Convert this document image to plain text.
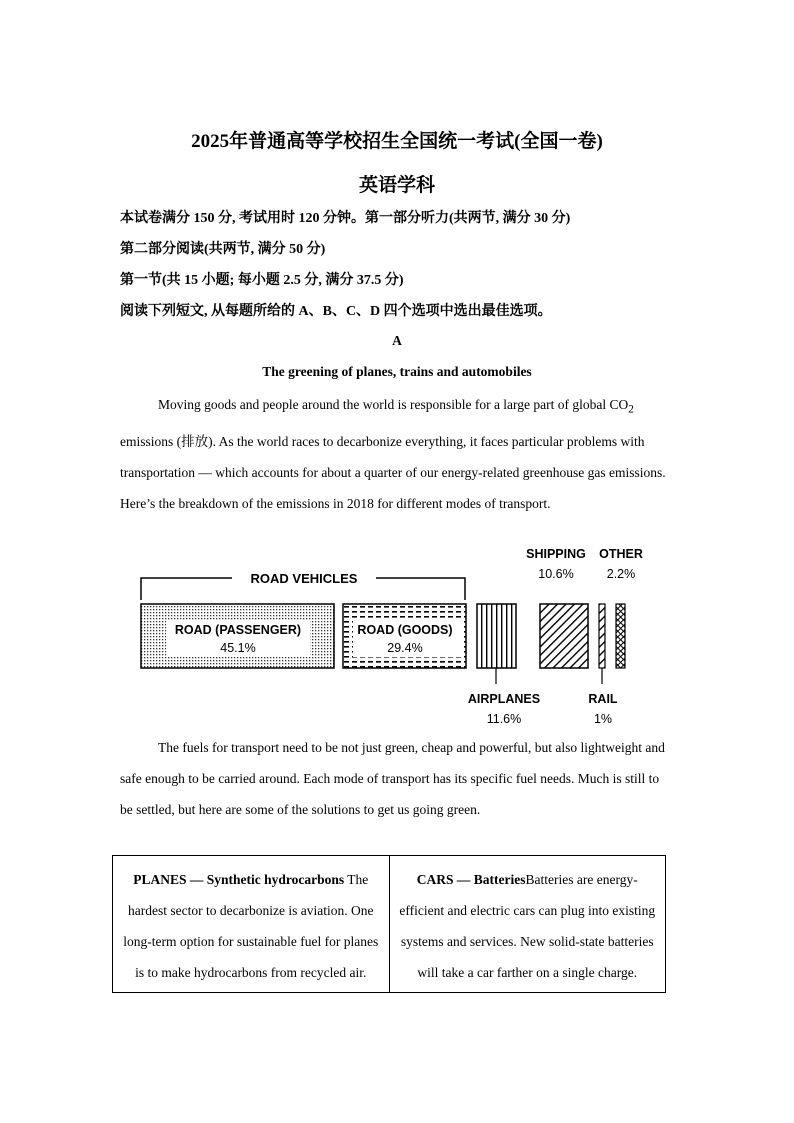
2025年普通高等学校招生全国统一考试(全国一卷)
英语学科
本试卷满分 150 分, 考试用时 120 分钟。第一部分听力(共两节, 满分 30 分)
第二部分阅读(共两节, 满分 50 分)
第一节(共 15 小题; 每小题 2.5 分, 满分 37.5 分)
阅读下列短文, 从每题所给的 A、B、C、D 四个选项中选出最佳选项。
A
The greening of planes, trains and automobiles

Moving goods and people around the world is responsible for a large part of global $CO_2$ emissions (排放). As the world races to decarbonize everything, it faces particular problems with transportation — which accounts for about a quarter of our energy-related greenhouse gas emissions. Here’s the breakdown of the emissions in 2018 for different modes of transport.

ROAD VEHICLES
ROAD (PASSENGER)
45.1%
ROAD (GOODS)
29.4%
SHIPPING
10.6%
OTHER
2.2%
AIRPLANES
11.6%
RAIL
1%

The fuels for transport need to be not just green, cheap and powerful, but also lightweight and safe enough to be carried around. Each mode of transport has its specific fuel needs. Much is still to be settled, but here are some of the solutions to get us going green.

PLANES — Synthetic hydrocarbons The hardest sector to decarbonize is aviation. One long-term option for sustainable fuel for planes is to make hydrocarbons from recycled air.	CARS — BatteriesBatteries are energy-efficient and electric cars can plug into existing systems and services. New solid-state batteries will take a car farther on a single charge.
